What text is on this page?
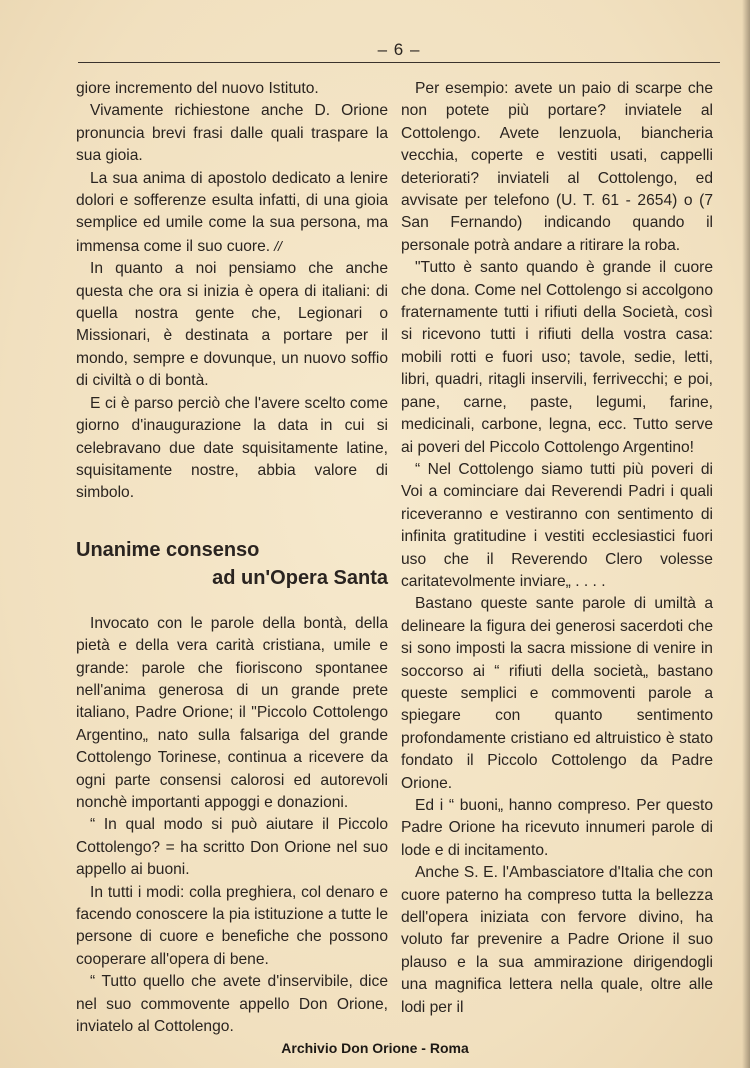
– 6 –

giore incremento del nuovo Istituto.

Vivamente richiestone anche D. Orione pronuncia brevi frasi dalle quali traspare la sua gioia.

La sua anima di apostolo dedicato a lenire dolori e sofferenze esulta infatti, di una gioia semplice ed umile come la sua persona, ma immensa come il suo cuore. //

In quanto a noi pensiamo che anche questa che ora si inizia è opera di italiani: di quella nostra gente che, Legionari o Missionari, è destinata a portare per il mondo, sempre e dovunque, un nuovo soffio di civiltà o di bontà.

E ci è parso perciò che l'avere scelto come giorno d'inaugurazione la data in cui si celebravano due date squisitamente latine, squisitamente nostre, abbia valore di simbolo.

Unanime consenso
ad un'Opera Santa

Invocato con le parole della bontà, della pietà e della vera carità cristiana, umile e grande: parole che fioriscono spontanee nell'anima generosa di un grande prete italiano, Padre Orione; il "Piccolo Cottolengo Argentino„ nato sulla falsariga del grande Cottolengo Torinese, continua a ricevere da ogni parte consensi calorosi ed autorevoli nonchè importanti appoggi e donazioni.

“ In qual modo si può aiutare il Piccolo Cottolengo? = ha scritto Don Orione nel suo appello ai buoni.

In tutti i modi: colla preghiera, col denaro e facendo conoscere la pia istituzione a tutte le persone di cuore e benefiche che possono cooperare all'opera di bene.

“ Tutto quello che avete d'inservibile, dice nel suo commovente appello Don Orione, inviatelo al Cottolengo.

Per esempio: avete un paio di scarpe che non potete più portare? inviatele al Cottolengo. Avete lenzuola, biancheria vecchia, coperte e vestiti usati, cappelli deteriorati? inviateli al Cottolengo, ed avvisate per telefono (U. T. 61 - 2654) o (7 San Fernando) indicando quando il personale potrà andare a ritirare la roba.

"Tutto è santo quando è grande il cuore che dona. Come nel Cottolengo si accolgono fraternamente tutti i rifiuti della Società, così si ricevono tutti i rifiuti della vostra casa: mobili rotti e fuori uso; tavole, sedie, letti, libri, quadri, ritagli inservili, ferrivecchi; e poi, pane, carne, paste, legumi, farine, medicinali, carbone, legna, ecc. Tutto serve ai poveri del Piccolo Cottolengo Argentino!

“ Nel Cottolengo siamo tutti più poveri di Voi a cominciare dai Reverendi Padri i quali riceveranno e vestiranno con sentimento di infinita gratitudine i vestiti ecclesiastici fuori uso che il Reverendo Clero volesse caritatevolmente inviare„ . . . .

Bastano queste sante parole di umiltà a delineare la figura dei generosi sacerdoti che si sono imposti la sacra missione di venire in soccorso ai “ rifiuti della società„ bastano queste semplici e commoventi parole a spiegare con quanto sentimento profondamente cristiano ed altruistico è stato fondato il Piccolo Cottolengo da Padre Orione.

Ed i “ buoni„ hanno compreso. Per questo Padre Orione ha ricevuto innumeri parole di lode e di incitamento.

Anche S. E. l'Ambasciatore d'Italia che con cuore paterno ha compreso tutta la bellezza dell'opera iniziata con fervore divino, ha voluto far prevenire a Padre Orione il suo plauso e la sua ammirazione dirigendogli una magnifica lettera nella quale, oltre alle lodi per il

Archivio Don Orione - Roma
